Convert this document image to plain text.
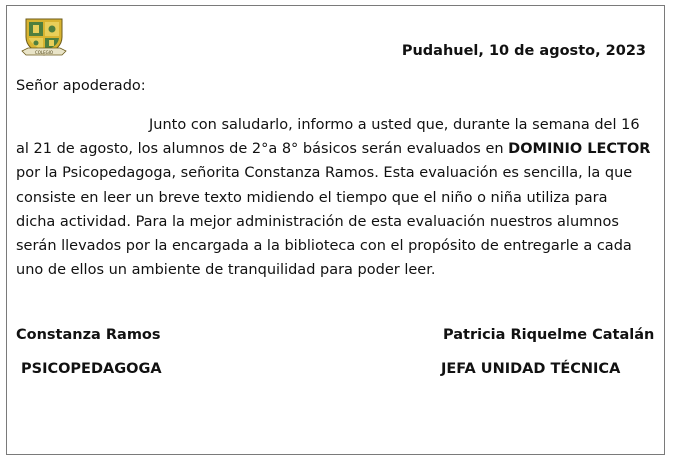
COLEGIO	Pudahuel, 10 de agosto, 2023
Señor apoderado:
Junto con saludarlo, informo a usted que, durante la semana del 16
al 21 de agosto, los alumnos de 2°a 8° básicos serán evaluados en DOMINIO LECTOR
por la Psicopedagoga, señorita Constanza Ramos. Esta evaluación es sencilla, la que
consiste en leer un breve texto midiendo el tiempo que el niño o niña utiliza para
dicha actividad. Para la mejor administración de esta evaluación nuestros alumnos
serán llevados por la encargada a la biblioteca con el propósito de entregarle a cada
uno de ellos un ambiente de tranquilidad para poder leer.
Constanza Ramos
PSICOPEDAGOGA
Patricia Riquelme Catalán
JEFA UNIDAD TÉCNICA
